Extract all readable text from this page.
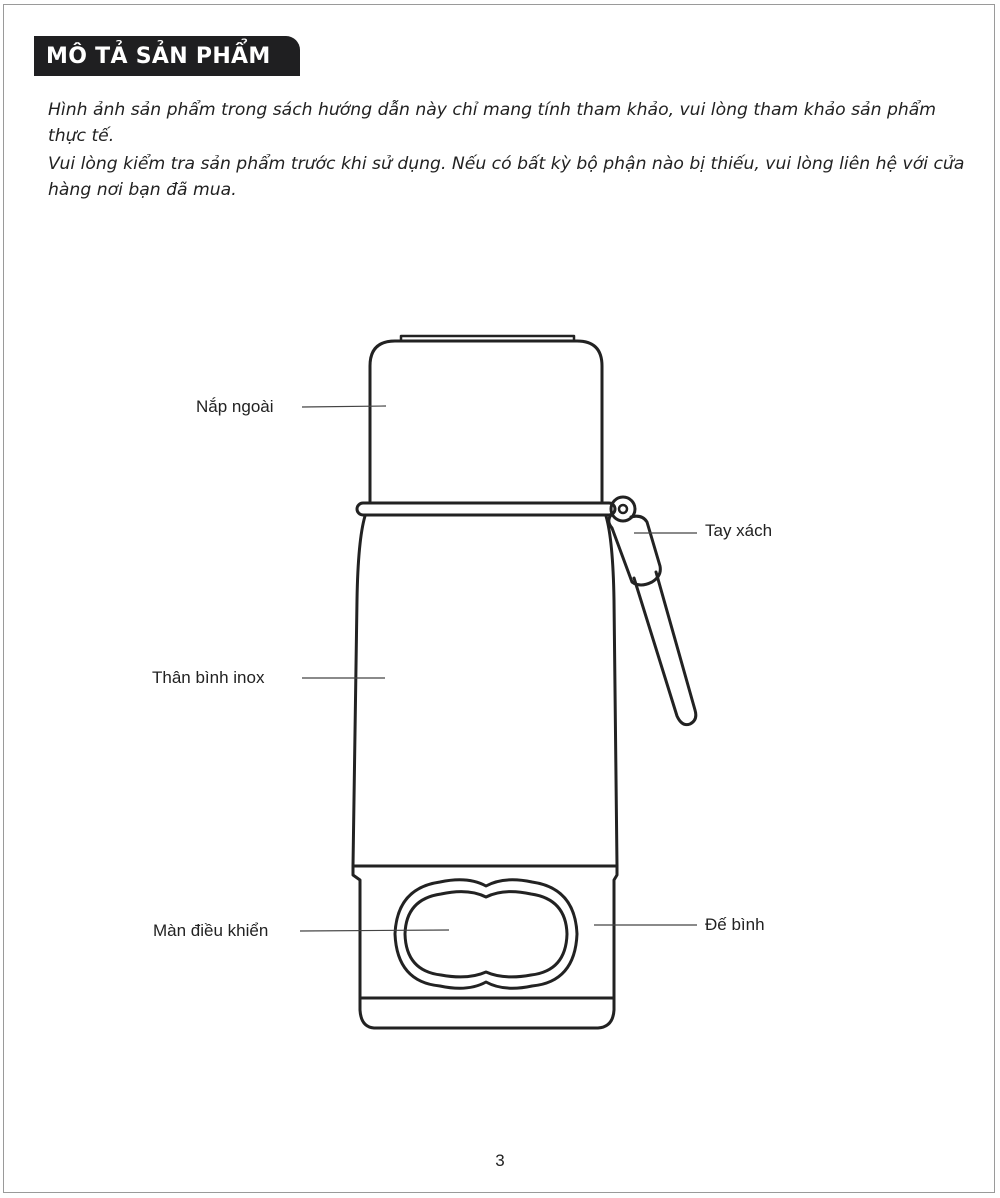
MÔ TẢ SẢN PHẨM

Hình ảnh sản phẩm trong sách hướng dẫn này chỉ mang tính tham khảo, vui lòng tham khảo sản phẩm thực tế.

Vui lòng kiểm tra sản phẩm trước khi sử dụng. Nếu có bất kỳ bộ phận nào bị thiếu, vui lòng liên hệ với cửa hàng nơi bạn đã mua.

Nắp ngoài
Tay xách
Thân bình inox
Màn điều khiển	Đế bình
3
